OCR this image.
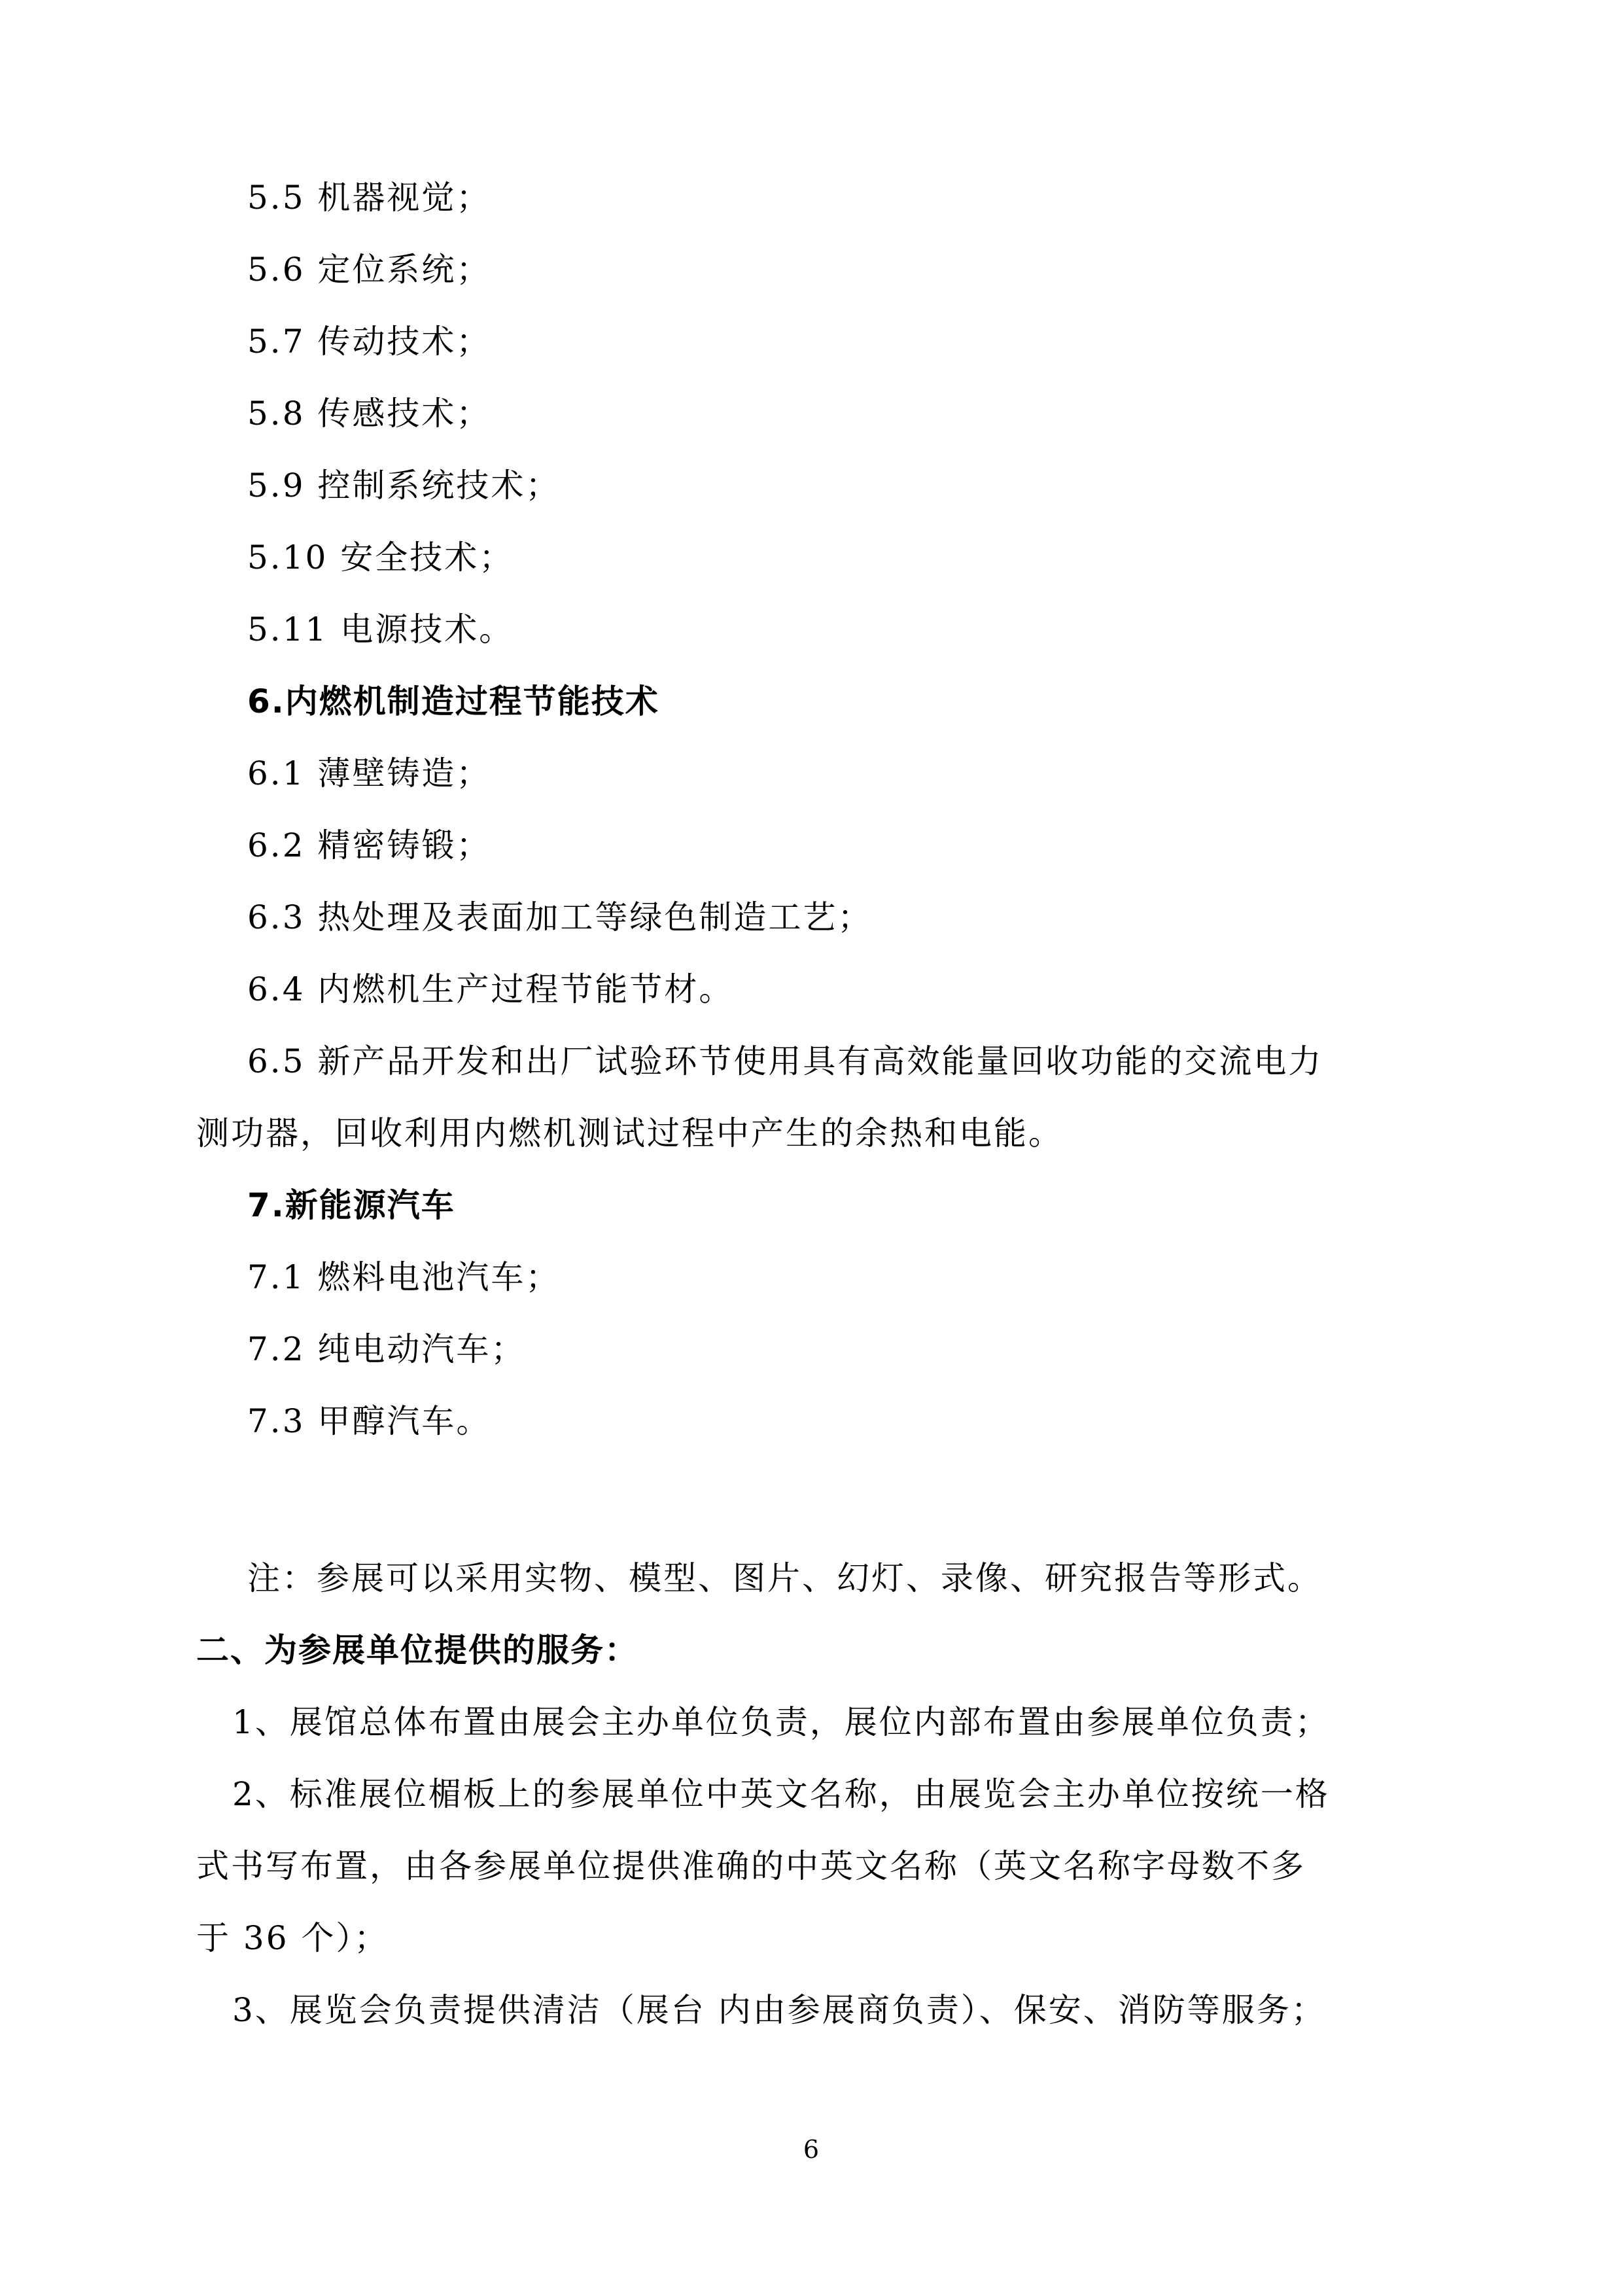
5.5 机器视觉；
5.6 定位系统；
5.7 传动技术；
5.8 传感技术；
5.9 控制系统技术；
5.10 安全技术；
5.11 电源技术。
6.内燃机制造过程节能技术
6.1 薄壁铸造；
6.2 精密铸锻；
6.3 热处理及表面加工等绿色制造工艺；
6.4 内燃机生产过程节能节材。
6.5 新产品开发和出厂试验环节使用具有高效能量回收功能的交流电力
测功器，回收利用内燃机测试过程中产生的余热和电能。
7.新能源汽车
7.1 燃料电池汽车；
7.2 纯电动汽车；
7.3 甲醇汽车。
注：参展可以采用实物、模型、图片、幻灯、录像、研究报告等形式。
二、为参展单位提供的服务：
1、展馆总体布置由展会主办单位负责，展位内部布置由参展单位负责；
2、标准展位楣板上的参展单位中英文名称，由展览会主办单位按统一格
式书写布置，由各参展单位提供准确的中英文名称（英文名称字母数不多
于 36 个）；
3、展览会负责提供清洁（展台 内由参展商负责）、保安、消防等服务；
6
